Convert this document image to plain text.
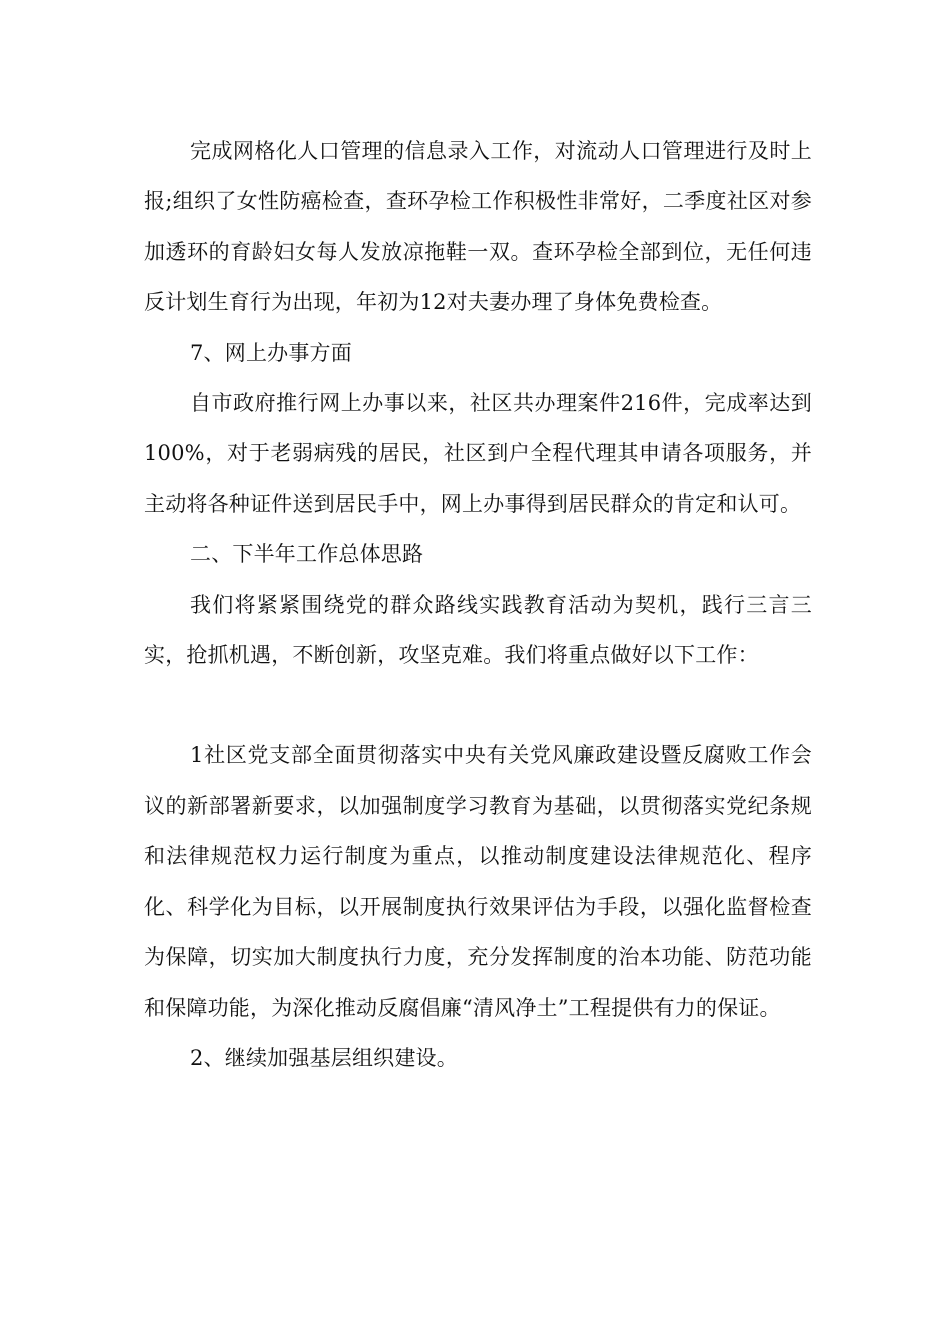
完成网格化人口管理的信息录入工作，对流动人口管理进行及时上报;组织了女性防癌检查，查环孕检工作积极性非常好，二季度社区对参加透环的育龄妇女每人发放凉拖鞋一双。查环孕检全部到位，无任何违反计划生育行为出现，年初为12对夫妻办理了身体免费检查。

7、网上办事方面

自市政府推行网上办事以来，社区共办理案件216件，完成率达到100%，对于老弱病残的居民，社区到户全程代理其申请各项服务，并主动将各种证件送到居民手中，网上办事得到居民群众的肯定和认可。

二、下半年工作总体思路

我们将紧紧围绕党的群众路线实践教育活动为契机，践行三言三实，抢抓机遇，不断创新，攻坚克难。我们将重点做好以下工作：

1社区党支部全面贯彻落实中央有关党风廉政建设暨反腐败工作会议的新部署新要求，以加强制度学习教育为基础，以贯彻落实党纪条规和法律规范权力运行制度为重点，以推动制度建设法律规范化、程序化、科学化为目标，以开展制度执行效果评估为手段，以强化监督检查为保障，切实加大制度执行力度，充分发挥制度的治本功能、防范功能和保障功能，为深化推动反腐倡廉“清风净土”工程提供有力的保证。

2、继续加强基层组织建设。
